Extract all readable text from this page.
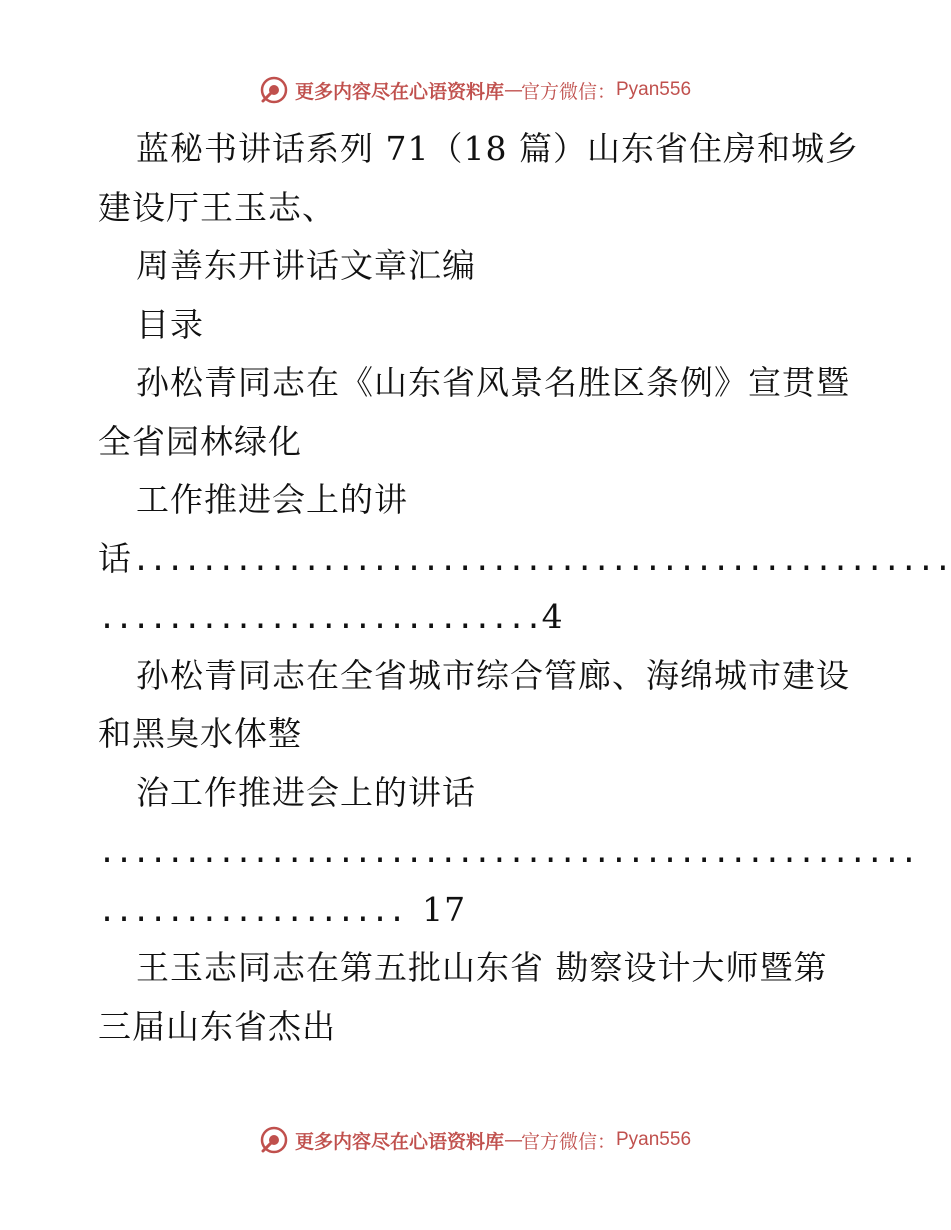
更多内容尽在心语资料库 — 官方微信： Pyan556
蓝秘书讲话系列 71（18 篇）山东省住房和城乡
建设厅王玉志、
周善东开讲话文章汇编
目录
孙松青同志在《山东省风景名胜区条例》宣贯暨
全省园林绿化
工作推进会上的讲
话................................................
..........................4
孙松青同志在全省城市综合管廊、海绵城市建设
和黑臭水体整
治工作推进会上的讲话
................................................
.................. 17
王玉志同志在第五批山东省 勘察设计大师暨第
三届山东省杰出
更多内容尽在心语资料库 — 官方微信： Pyan556
